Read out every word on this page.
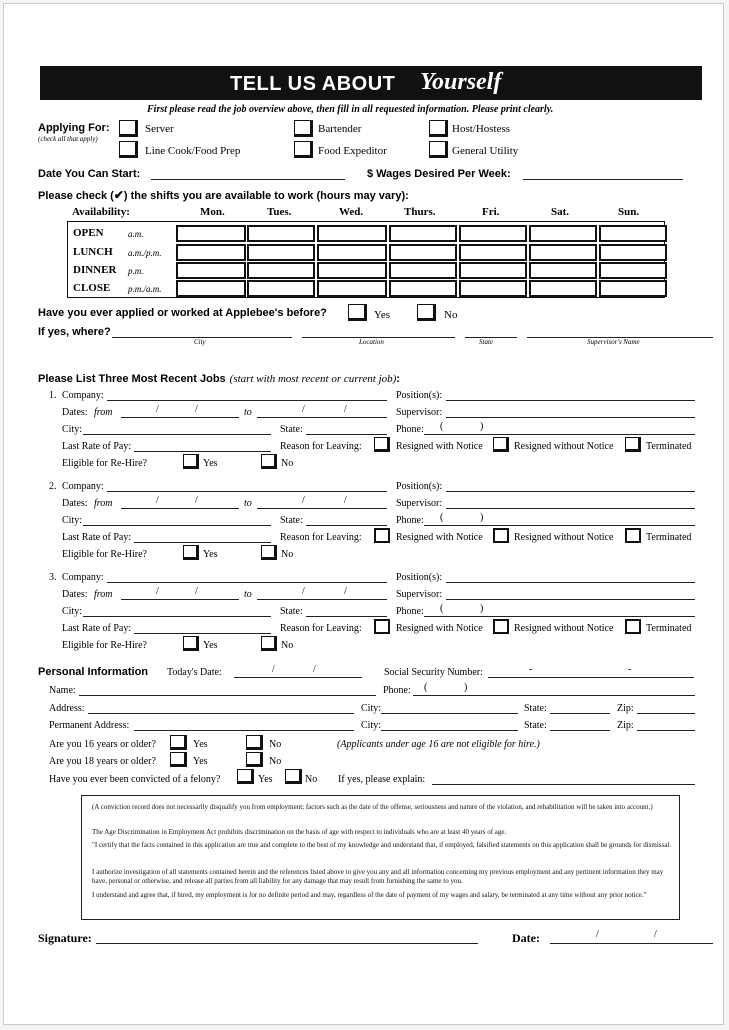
TELL US ABOUT Yourself
First please read the job overview above, then fill in all requested information. Please print clearly.
Applying For:
(check all that apply)
Server	Bartender	Host/Hostess
Line Cook/Food Prep	Food Expeditor	General Utility
Date You Can Start:	$ Wages Desired Per Week:
Please check (✔) the shifts you are available to work (hours may vary):
Availability:	Mon.	Tues.	Wed.	Thurs.	Fri.	Sat.	Sun.
OPEN	a.m.
LUNCH a.m./p.m.
DINNER p.m.
CLOSE p.m./a.m.
Have you ever applied or worked at Applebee's before?	Yes	No
If yes, where?
City	Location	State	Supervisor's Name
Please List Three Most Recent Jobs (start with most recent or current job):
1. Company:	Position(s):
Dates: from	/	/	to	/	/	Supervisor:
City:	State:	Phone: (	)
Last Rate of Pay:	Reason for Leaving:	Resigned with Notice	Resigned without Notice	Terminated
Eligible for Re-Hire?	Yes	No
2. Company:	Position(s):
Dates: from	/	/	to	/	/	Supervisor:
City:	State:	Phone: (	)
Last Rate of Pay:	Reason for Leaving:	Resigned with Notice	Resigned without Notice	Terminated
Eligible for Re-Hire?	Yes	No
3. Company:	Position(s):
Dates: from	/	/	to	/	/	Supervisor:
City:	State:	Phone: (	)
Last Rate of Pay:	Reason for Leaving:	Resigned with Notice	Resigned without Notice	Terminated
Eligible for Re-Hire?	Yes	No
Personal Information Today's Date:	/	/	Social Security Number:	-	-
Name:	Phone: (	)
Address:	City:	State:	Zip:
Permanent Address:	City:	State:	Zip:
Are you 16 years or older?	Yes	No	(Applicants under age 16 are not eligible for hire.)
Are you 18 years or older?	Yes	No
Have you ever been convicted of a felony?	Yes	No If yes, please explain:

(A conviction record does not necessarily disqualify you from employment; factors such as the date of the offense, seriousness and nature of the violation, and rehabilitation will be taken into account.)

The Age Discrimination in Employment Act prohibits discrimination on the basis of age with respect to individuals who are at least 40 years of age.

"I certify that the facts contained in this application are true and complete to the best of my knowledge and understand that, if employed, falsified statements on this application shall be grounds for dismissal.

I authorize investigation of all statements contained herein and the references listed above to give you any and all information concerning my previous employment and any pertinent information they may have, personal or otherwise, and release all parties from all liability for any damage that may result from furnishing the same to you.

I understand and agree that, if hired, my employment is for no definite period and may, regardless of the date of payment of my wages and salary, be terminated at any time without any prior notice."

Signature:	Date:	/	/
